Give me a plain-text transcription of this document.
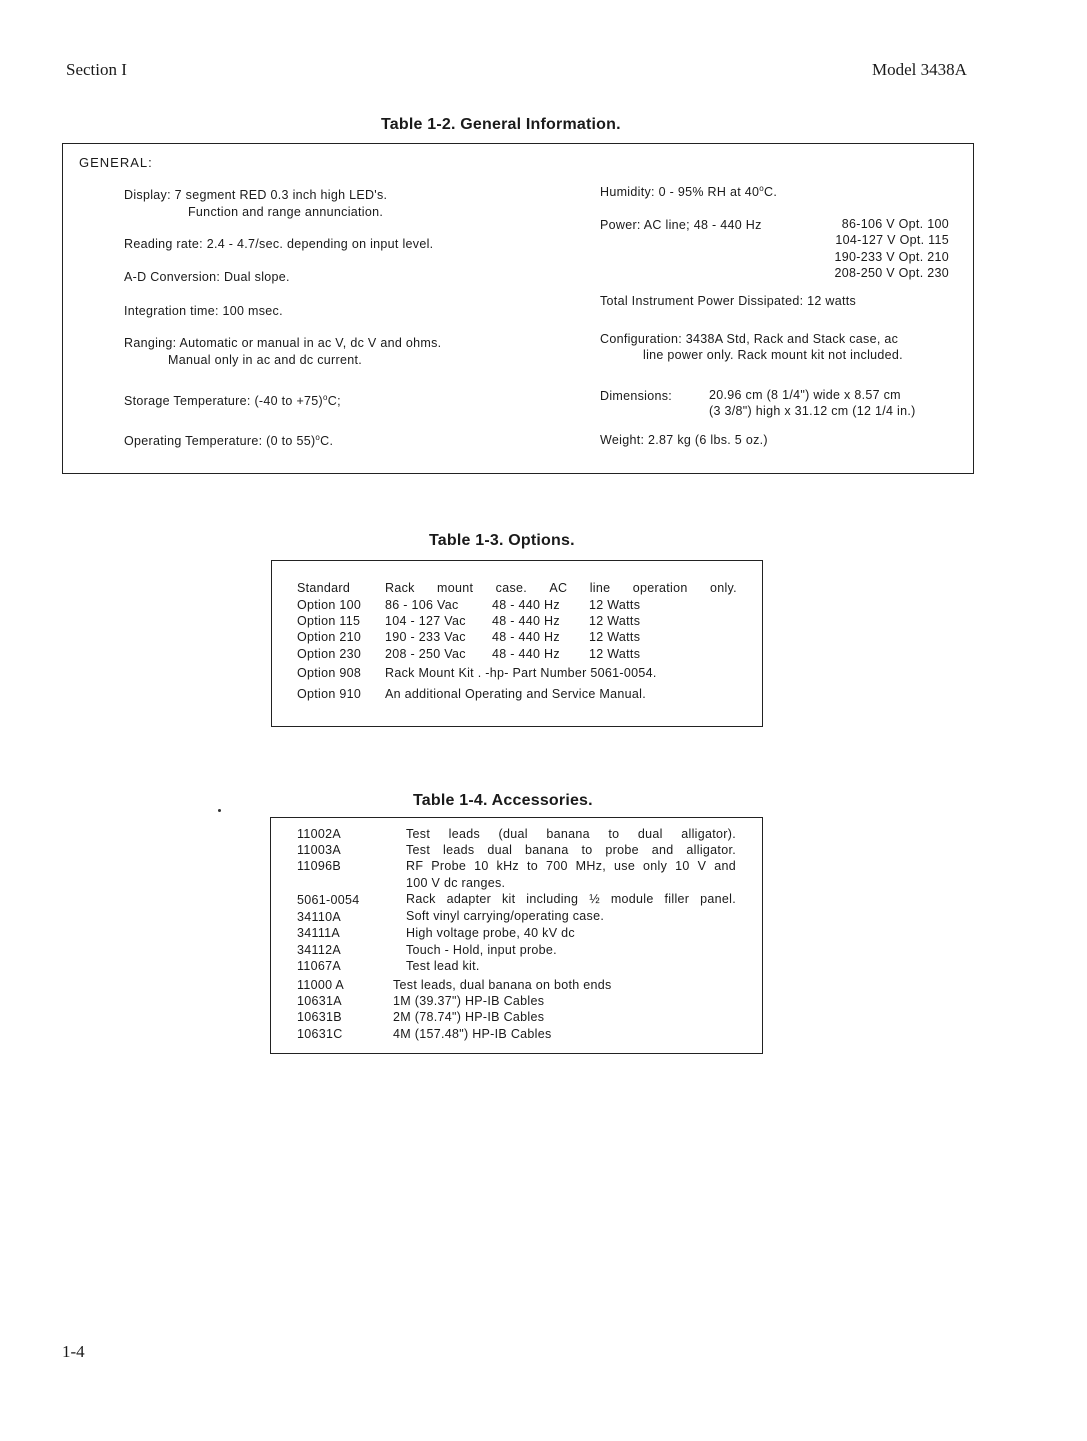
Section I	Model 3438A
Table 1-2. General Information.
GENERAL:
Display: 7 segment RED 0.3 inch high LED's.
Function and range annunciation.
Reading rate: 2.4 - 4.7/sec. depending on input level.
A-D Conversion: Dual slope.
Integration time: 100 msec.
Ranging: Automatic or manual in ac V, dc V and ohms.
Manual only in ac and dc current.
Storage Temperature: (-40 to +75)$^o$C;
Operating Temperature: (0 to 55)$^o$C.
Humidity: 0 - 95% RH at 40$^o$C.
Power: AC line; 48 - 440 Hz	86-106 V Opt. 100
104-127 V Opt. 115
190-233 V Opt. 210
208-250 V Opt. 230
Total Instrument Power Dissipated: 12 watts
Configuration: 3438A Std, Rack and Stack case, ac
line power only. Rack mount kit not included.
Dimensions:	20.96 cm (8 1/4") wide x 8.57 cm
(3 3/8") high x 31.12 cm (12 1/4 in.)
Weight: 2.87 kg (6 lbs. 5 oz.)
Table 1-3. Options.
Standard	Rack mount case. AC line operation only.
Option 100 86 - 106 Vac	48 - 440 Hz 12 Watts
Option 115 104 - 127 Vac 48 - 440 Hz 12 Watts
Option 210 190 - 233 Vac 48 - 440 Hz 12 Watts
Option 230 208 - 250 Vac 48 - 440 Hz 12 Watts
Option 908 Rack Mount Kit . -hp- Part Number 5061-0054.
Option 910 An additional Operating and Service Manual.
Table 1-4. Accessories.
11002A	Test leads (dual banana to dual alligator).
11003A	Test leads dual banana to probe and alligator.
11096B	RF Probe 10 kHz to 700 MHz, use only 10 V and
100 V dc ranges.
5061-0054	Rack adapter kit including ½ module filler panel.
34110A	Soft vinyl carrying/operating case.
34111A	High voltage probe, 40 kV dc
34112A	Touch - Hold, input probe.
11067A	Test lead kit.
11000 A	Test leads, dual banana on both ends
10631A	1M (39.37") HP-IB Cables
10631B	2M (78.74") HP-IB Cables
10631C	4M (157.48") HP-IB Cables
1-4
